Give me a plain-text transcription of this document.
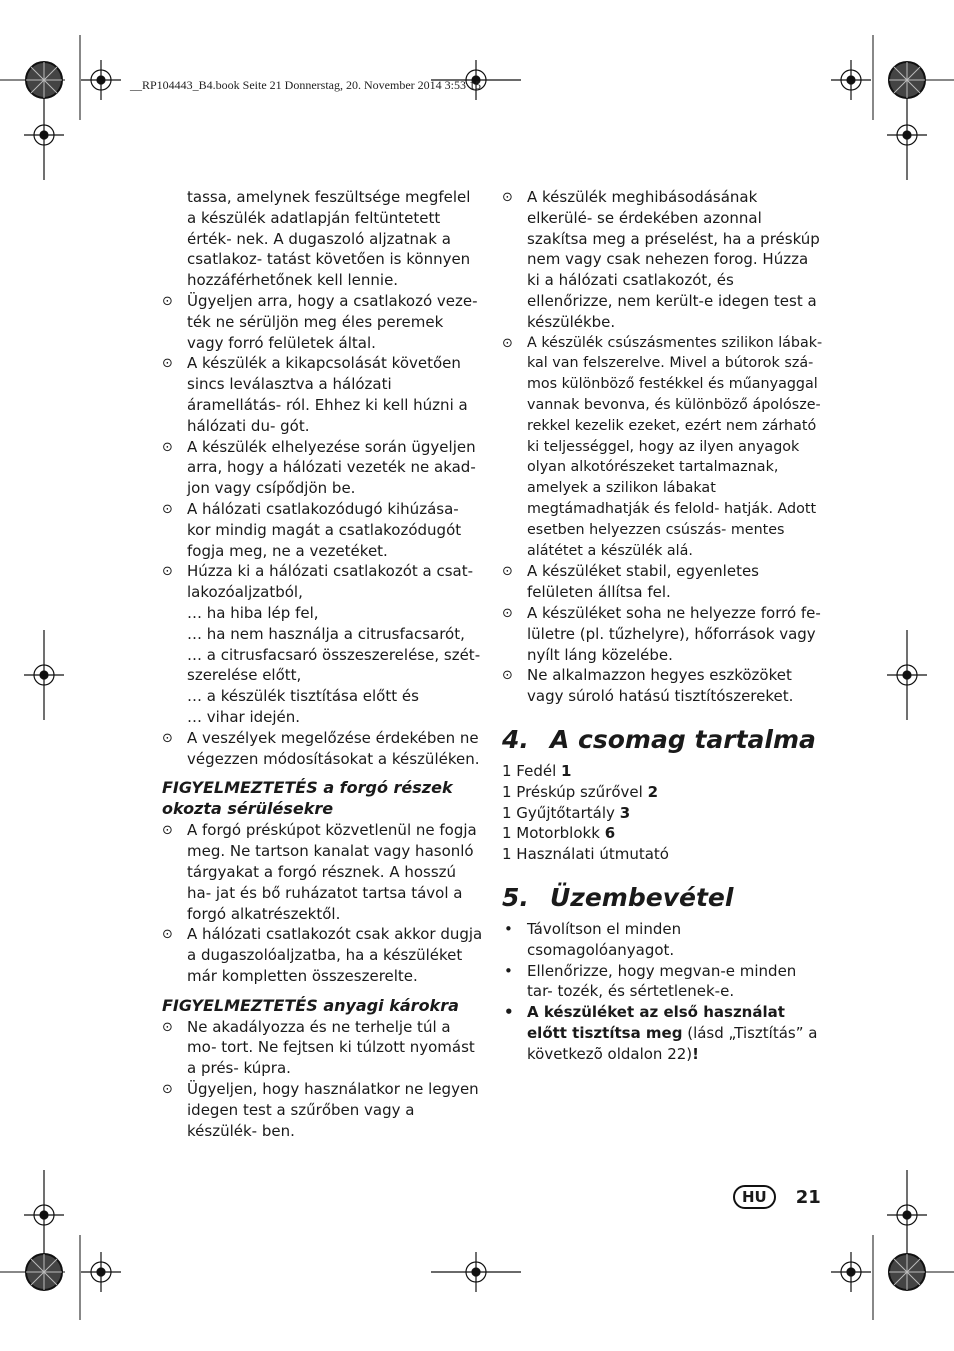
__RP104443_B4.book Seite 21 Donnerstag, 20. November 2014 3:53 15

tassa, amelynek feszültsége megfelel a készülék adatlapján feltüntetett érték- nek. A dugaszoló aljzatnak a csatlakoz- tatást követően is könnyen hozzáférhetőnek kell lennie.

⊙ Ügyeljen arra, hogy a csatlakozó veze- ték ne sérüljön meg éles peremek vagy forró felületek által.
⊙ A készülék a kikapcsolását követően sincs leválasztva a hálózati áramellátás- ról. Ehhez ki kell húzni a hálózati du- gót.
⊙ A készülék elhelyezése során ügyeljen arra, hogy a hálózati vezeték ne akad- jon vagy csípődjön be.
⊙ A hálózati csatlakozódugó kihúzása- kor mindig magát a csatlakozódugót fogja meg, ne a vezetéket.
⊙ Húzza ki a hálózati csatlakozót a csat- lakozóaljzatból,
… ha hiba lép fel,
… ha nem használja a citrusfacsarót,
… a citrusfacsaró összeszerelése, szét- szerelése előtt,
… a készülék tisztítása előtt és
… vihar idején.
⊙ A veszélyek megelőzése érdekében ne végezzen módosításokat a készüléken.
FIGYELMEZTETÉS a forgó részek okozta sérülésekre
⊙ A forgó préskúpot közvetlenül ne fogja meg. Ne tartson kanalat vagy hasonló tárgyakat a forgó résznek. A hosszú ha- jat és bő ruházatot tartsa távol a forgó alkatrészektől.
⊙ A hálózati csatlakozót csak akkor dugja a dugaszolóaljzatba, ha a készüléket már kompletten összeszerelte.
FIGYELMEZTETÉS anyagi károkra
⊙ Ne akadályozza és ne terhelje túl a mo- tort. Ne fejtsen ki túlzott nyomást a prés- kúpra.
⊙ Ügyeljen, hogy használatkor ne legyen idegen test a szűrőben vagy a készülék- ben.
⊙ A készülék meghibásodásának elkerülé- se érdekében azonnal szakítsa meg a préselést, ha a préskúp nem vagy csak nehezen forog. Húzza ki a hálózati csatlakozót, és ellenőrizze, nem került-e idegen test a készülékbe.
⊙ A készülék csúszásmentes szilikon lábak- kal van felszerelve. Mivel a bútorok szá- mos különböző festékkel és műanyaggal vannak bevonva, és különböző ápolósze- rekkel kezelik ezeket, ezért nem zárható ki teljességgel, hogy az ilyen anyagok olyan alkotórészeket tartalmaznak, amelyek a szilikon lábakat megtámadhatják és felold- hatják. Adott esetben helyezzen csúszás- mentes alátétet a készülék alá.
⊙ A készüléket stabil, egyenletes felületen állítsa fel.
⊙ A készüléket soha ne helyezze forró fe- lületre (pl. tűzhelyre), hőforrások vagy nyílt láng közelébe.
⊙ Ne alkalmazzon hegyes eszközöket vagy súroló hatású tisztítószereket.
4. A csomag tartalma
1 Fedél 1
1 Préskúp szűrővel 2
1 Gyűjtőtartály 3
1 Motorblokk 6
1 Használati útmutató
5. Üzembevétel
• Távolítson el minden csomagolóanyagot.
• Ellenőrizze, hogy megvan-e minden tar- tozék, és sértetlenek-e.
• A készüléket az első használat előtt tisztítsa meg (lásd „Tisztítás” a következõ oldalon 22)!
HU	21
